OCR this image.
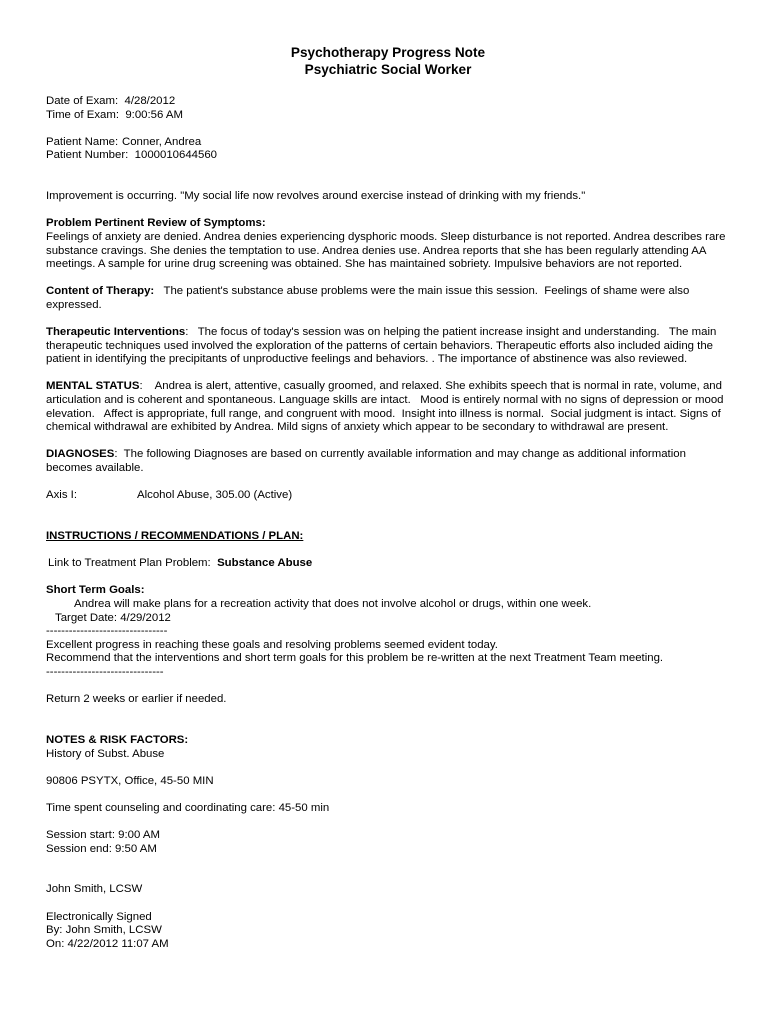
Psychotherapy Progress Note
Psychiatric Social Worker

Date of Exam: 4/28/2012

Time of Exam: 9:00:56 AM

Patient Name: Conner, Andrea

Patient Number: 1000010644560

Improvement is occurring. "My social life now revolves around exercise instead of drinking with my friends."

Problem Pertinent Review of Symptoms:

Feelings of anxiety are denied. Andrea denies experiencing dysphoric moods. Sleep disturbance is not reported. Andrea describes rare

substance cravings. She denies the temptation to use. Andrea denies use. Andrea reports that she has been regularly attending AA

meetings. A sample for urine drug screening was obtained. She has maintained sobriety. Impulsive behaviors are not reported.

Content of Therapy:   The patient's substance abuse problems were the main issue this session.  Feelings of shame were also

expressed.

Therapeutic Interventions:   The focus of today's session was on helping the patient increase insight and understanding.   The main

therapeutic techniques used involved the exploration of the patterns of certain behaviors. Therapeutic efforts also included aiding the

patient in identifying the precipitants of unproductive feelings and behaviors. . The importance of abstinence was also reviewed.

MENTAL STATUS:    Andrea is alert, attentive, casually groomed, and relaxed. She exhibits speech that is normal in rate, volume, and

articulation and is coherent and spontaneous. Language skills are intact.   Mood is entirely normal with no signs of depression or mood

elevation.   Affect is appropriate, full range, and congruent with mood.  Insight into illness is normal.  Social judgment is intact. Signs of

chemical withdrawal are exhibited by Andrea. Mild signs of anxiety which appear to be secondary to withdrawal are present.

DIAGNOSES:  The following Diagnoses are based on currently available information and may change as additional information

becomes available.

Axis I:	Alcohol Abuse, 305.00 (Active)

INSTRUCTIONS / RECOMMENDATIONS / PLAN:

Link to Treatment Plan Problem: Substance Abuse

Short Term Goals:

Andrea will make plans for a recreation activity that does not involve alcohol or drugs, within one week.

Target Date: 4/29/2012

--------------------------------

Excellent progress in reaching these goals and resolving problems seemed evident today.

Recommend that the interventions and short term goals for this problem be re-written at the next Treatment Team meeting.

-------------------------------

Return 2 weeks or earlier if needed.

NOTES & RISK FACTORS:

History of Subst. Abuse

90806 PSYTX, Office, 45-50 MIN

Time spent counseling and coordinating care: 45-50 min

Session start: 9:00 AM

Session end: 9:50 AM

John Smith, LCSW

Electronically Signed

By: John Smith, LCSW

On: 4/22/2012 11:07 AM
